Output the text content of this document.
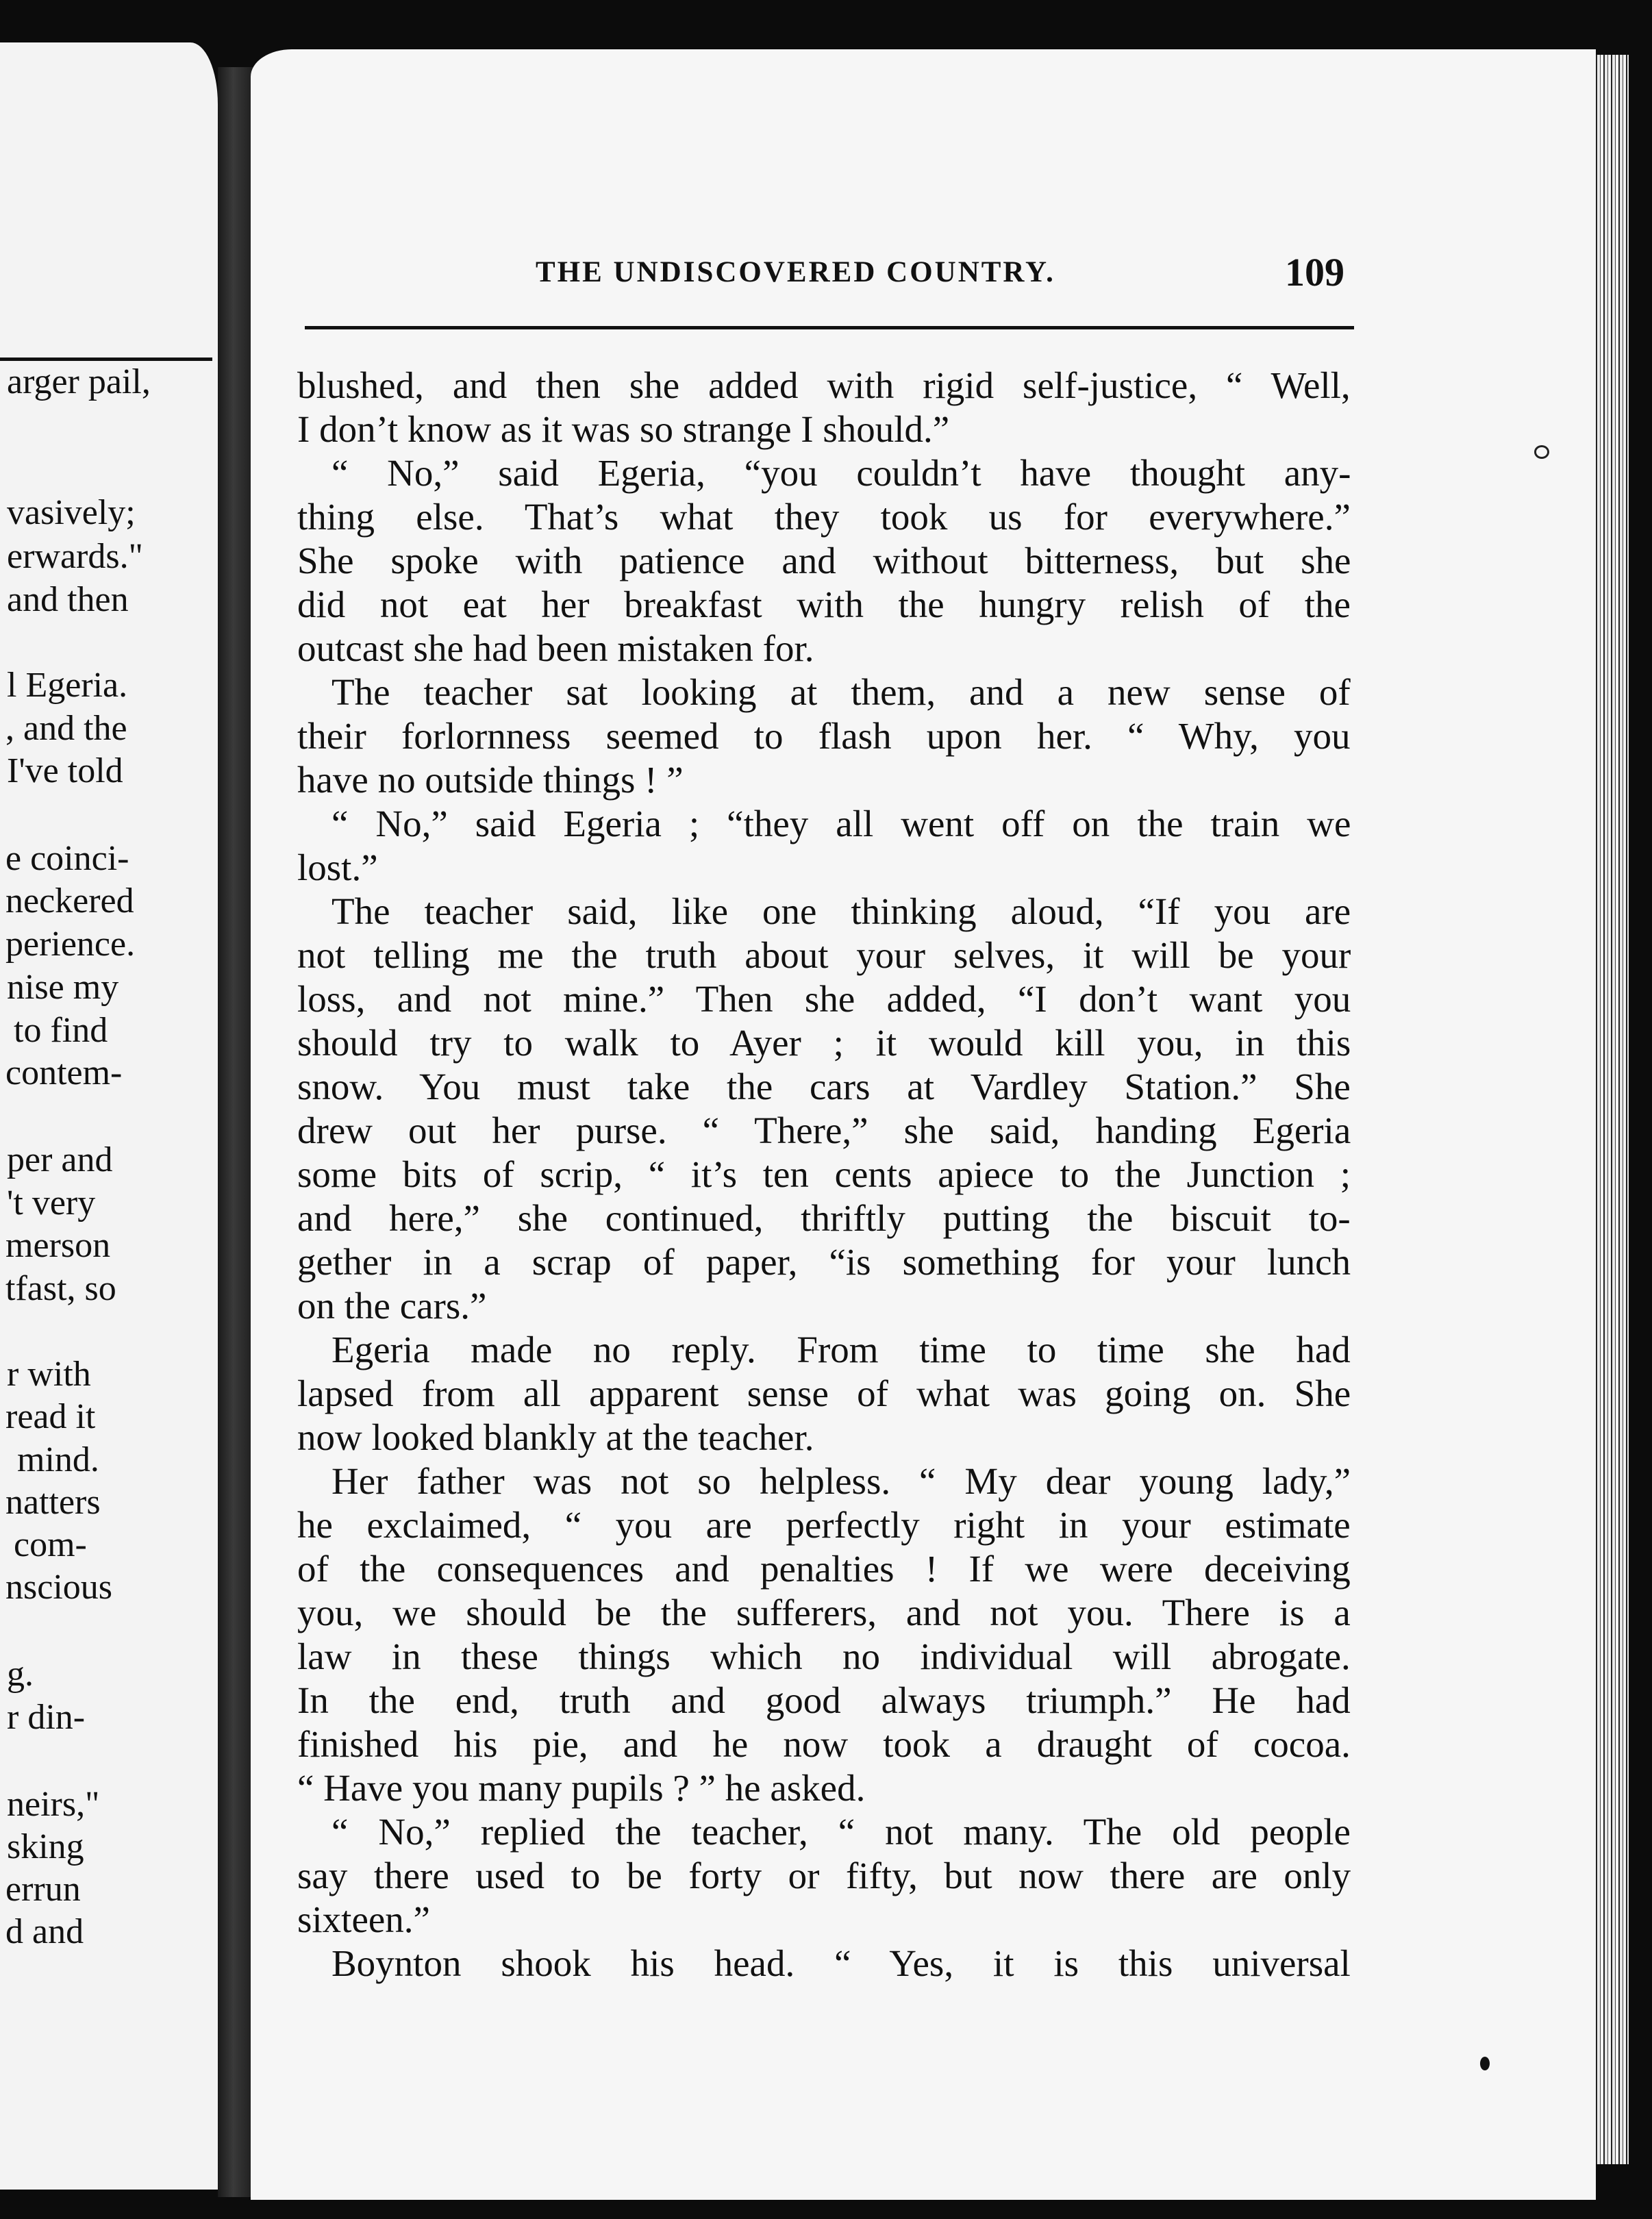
arger pail,
vasively;
erwards."
and then
l Egeria.
, and the
I've told
e coinci-
neckered
perience.
nise my
to find
contem-
per and
't very
merson
tfast, so
r with
read it
mind.
natters
com-
nscious
g.
r din-
neirs,"
sking
errun
d and
THE UNDISCOVERED COUNTRY.	109
blushed, and then she added with rigid self-justice, “ Well,
I don’t know as it was so strange I should.”
“ No,” said Egeria, “you couldn’t have thought any-
thing else. That’s what they took us for everywhere.”
She spoke with patience and without bitterness, but she
did not eat her breakfast with the hungry relish of the
outcast she had been mistaken for.
The teacher sat looking at them, and a new sense of
their forlornness seemed to flash upon her. “ Why, you
have no outside things ! ”
“ No,” said Egeria ; “they all went off on the train we
lost.”
The teacher said, like one thinking aloud, “If you are
not telling me the truth about your selves, it will be your
loss, and not mine.” Then she added, “I don’t want you
should try to walk to Ayer ; it would kill you, in this
snow. You must take the cars at Vardley Station.” She
drew out her purse. “ There,” she said, handing Egeria
some bits of scrip, “ it’s ten cents apiece to the Junction ;
and here,” she continued, thriftly putting the biscuit to-
gether in a scrap of paper, “is something for your lunch
on the cars.”
Egeria made no reply. From time to time she had
lapsed from all apparent sense of what was going on. She
now looked blankly at the teacher.
Her father was not so helpless. “ My dear young lady,”
he exclaimed, “ you are perfectly right in your estimate
of the consequences and penalties ! If we were deceiving
you, we should be the sufferers, and not you. There is a
law in these things which no individual will abrogate.
In the end, truth and good always triumph.” He had
finished his pie, and he now took a draught of cocoa.
“ Have you many pupils ? ” he asked.
“ No,” replied the teacher, “ not many. The old people
say there used to be forty or fifty, but now there are only
sixteen.”
Boynton shook his head. “ Yes, it is this universal
